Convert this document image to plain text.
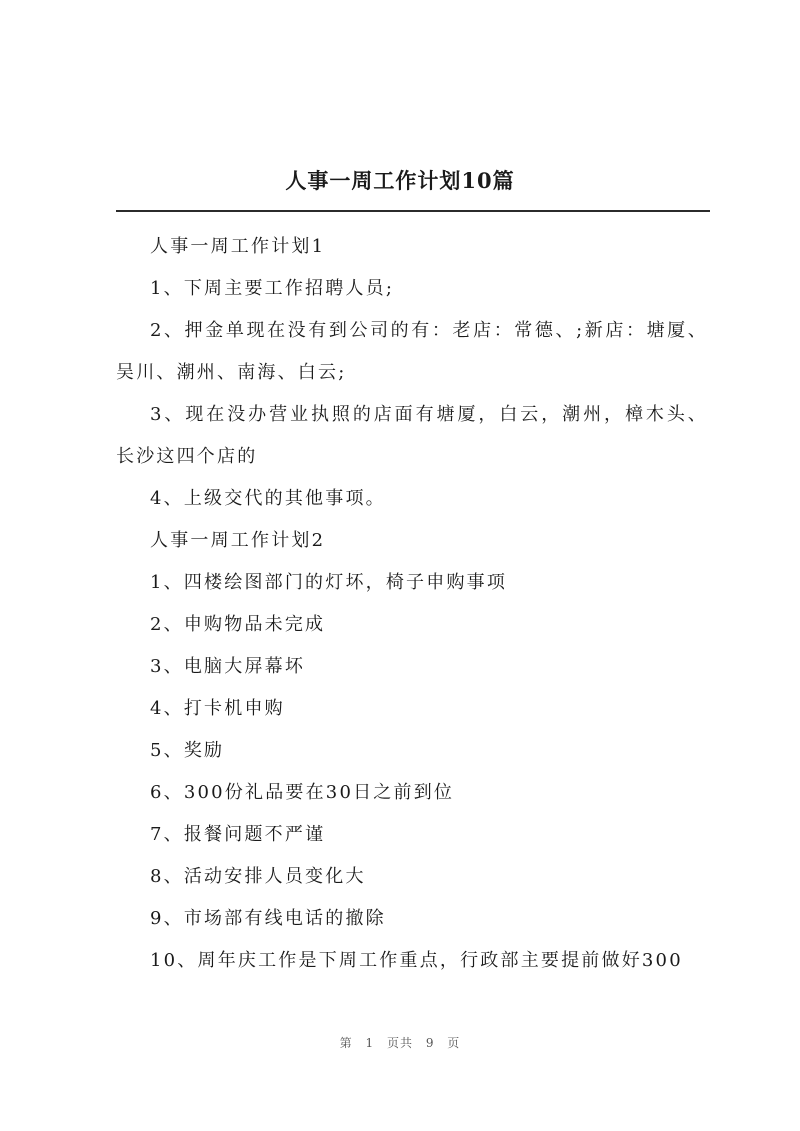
人事一周工作计划10篇

人事一周工作计划1

1、下周主要工作招聘人员;

2、押金单现在没有到公司的有：老店：常德、;新店：塘厦、吴川、潮州、南海、白云;

3、现在没办营业执照的店面有塘厦，白云，潮州，樟木头、长沙这四个店的

4、上级交代的其他事项。

人事一周工作计划2

1、四楼绘图部门的灯坏，椅子申购事项

2、申购物品未完成

3、电脑大屏幕坏

4、打卡机申购

5、奖励

6、300份礼品要在30日之前到位

7、报餐问题不严谨

8、活动安排人员变化大

9、市场部有线电话的撤除

10、周年庆工作是下周工作重点，行政部主要提前做好300

第 1 页共 9 页
